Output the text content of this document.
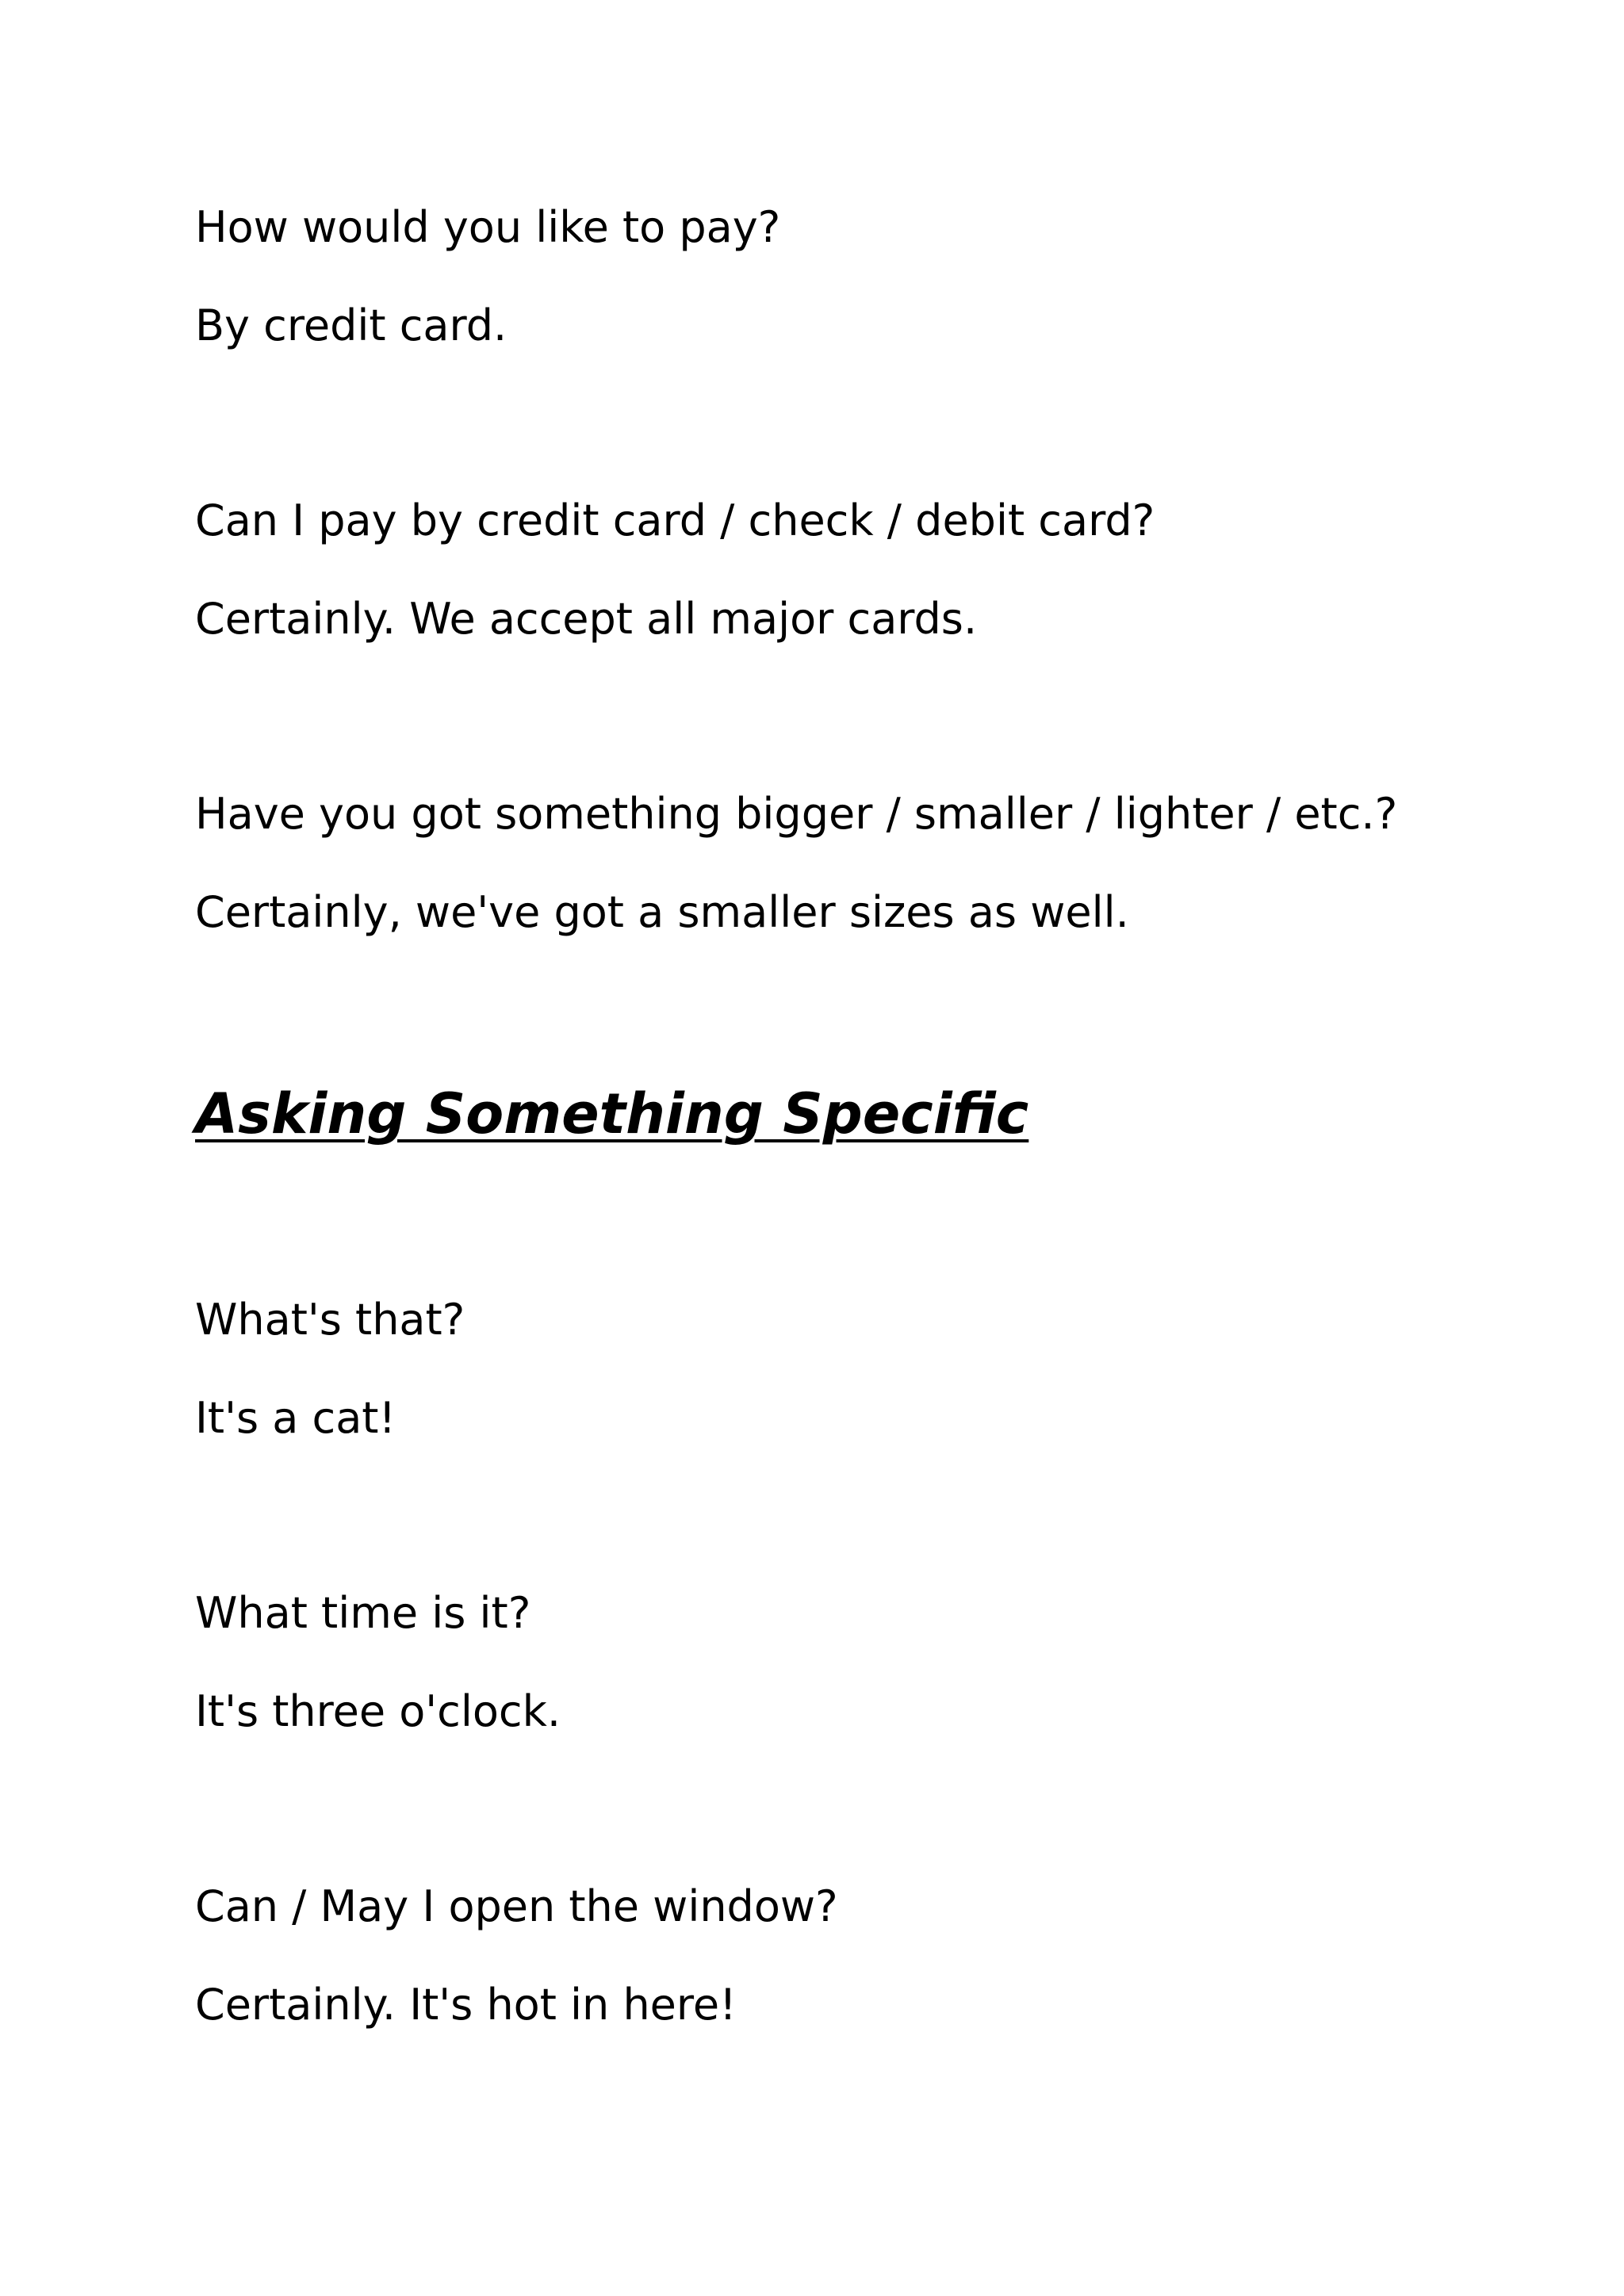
How would you like to pay?
By credit card.
Can I pay by credit card / check / debit card?
Certainly. We accept all major cards.
Have you got something bigger / smaller / lighter / etc.?
Certainly, we've got a smaller sizes as well.
Asking Something Specific
What's that?
It's a cat!
What time is it?
It's three o'clock.
Can / May I open the window?
Certainly. It's hot in here!
